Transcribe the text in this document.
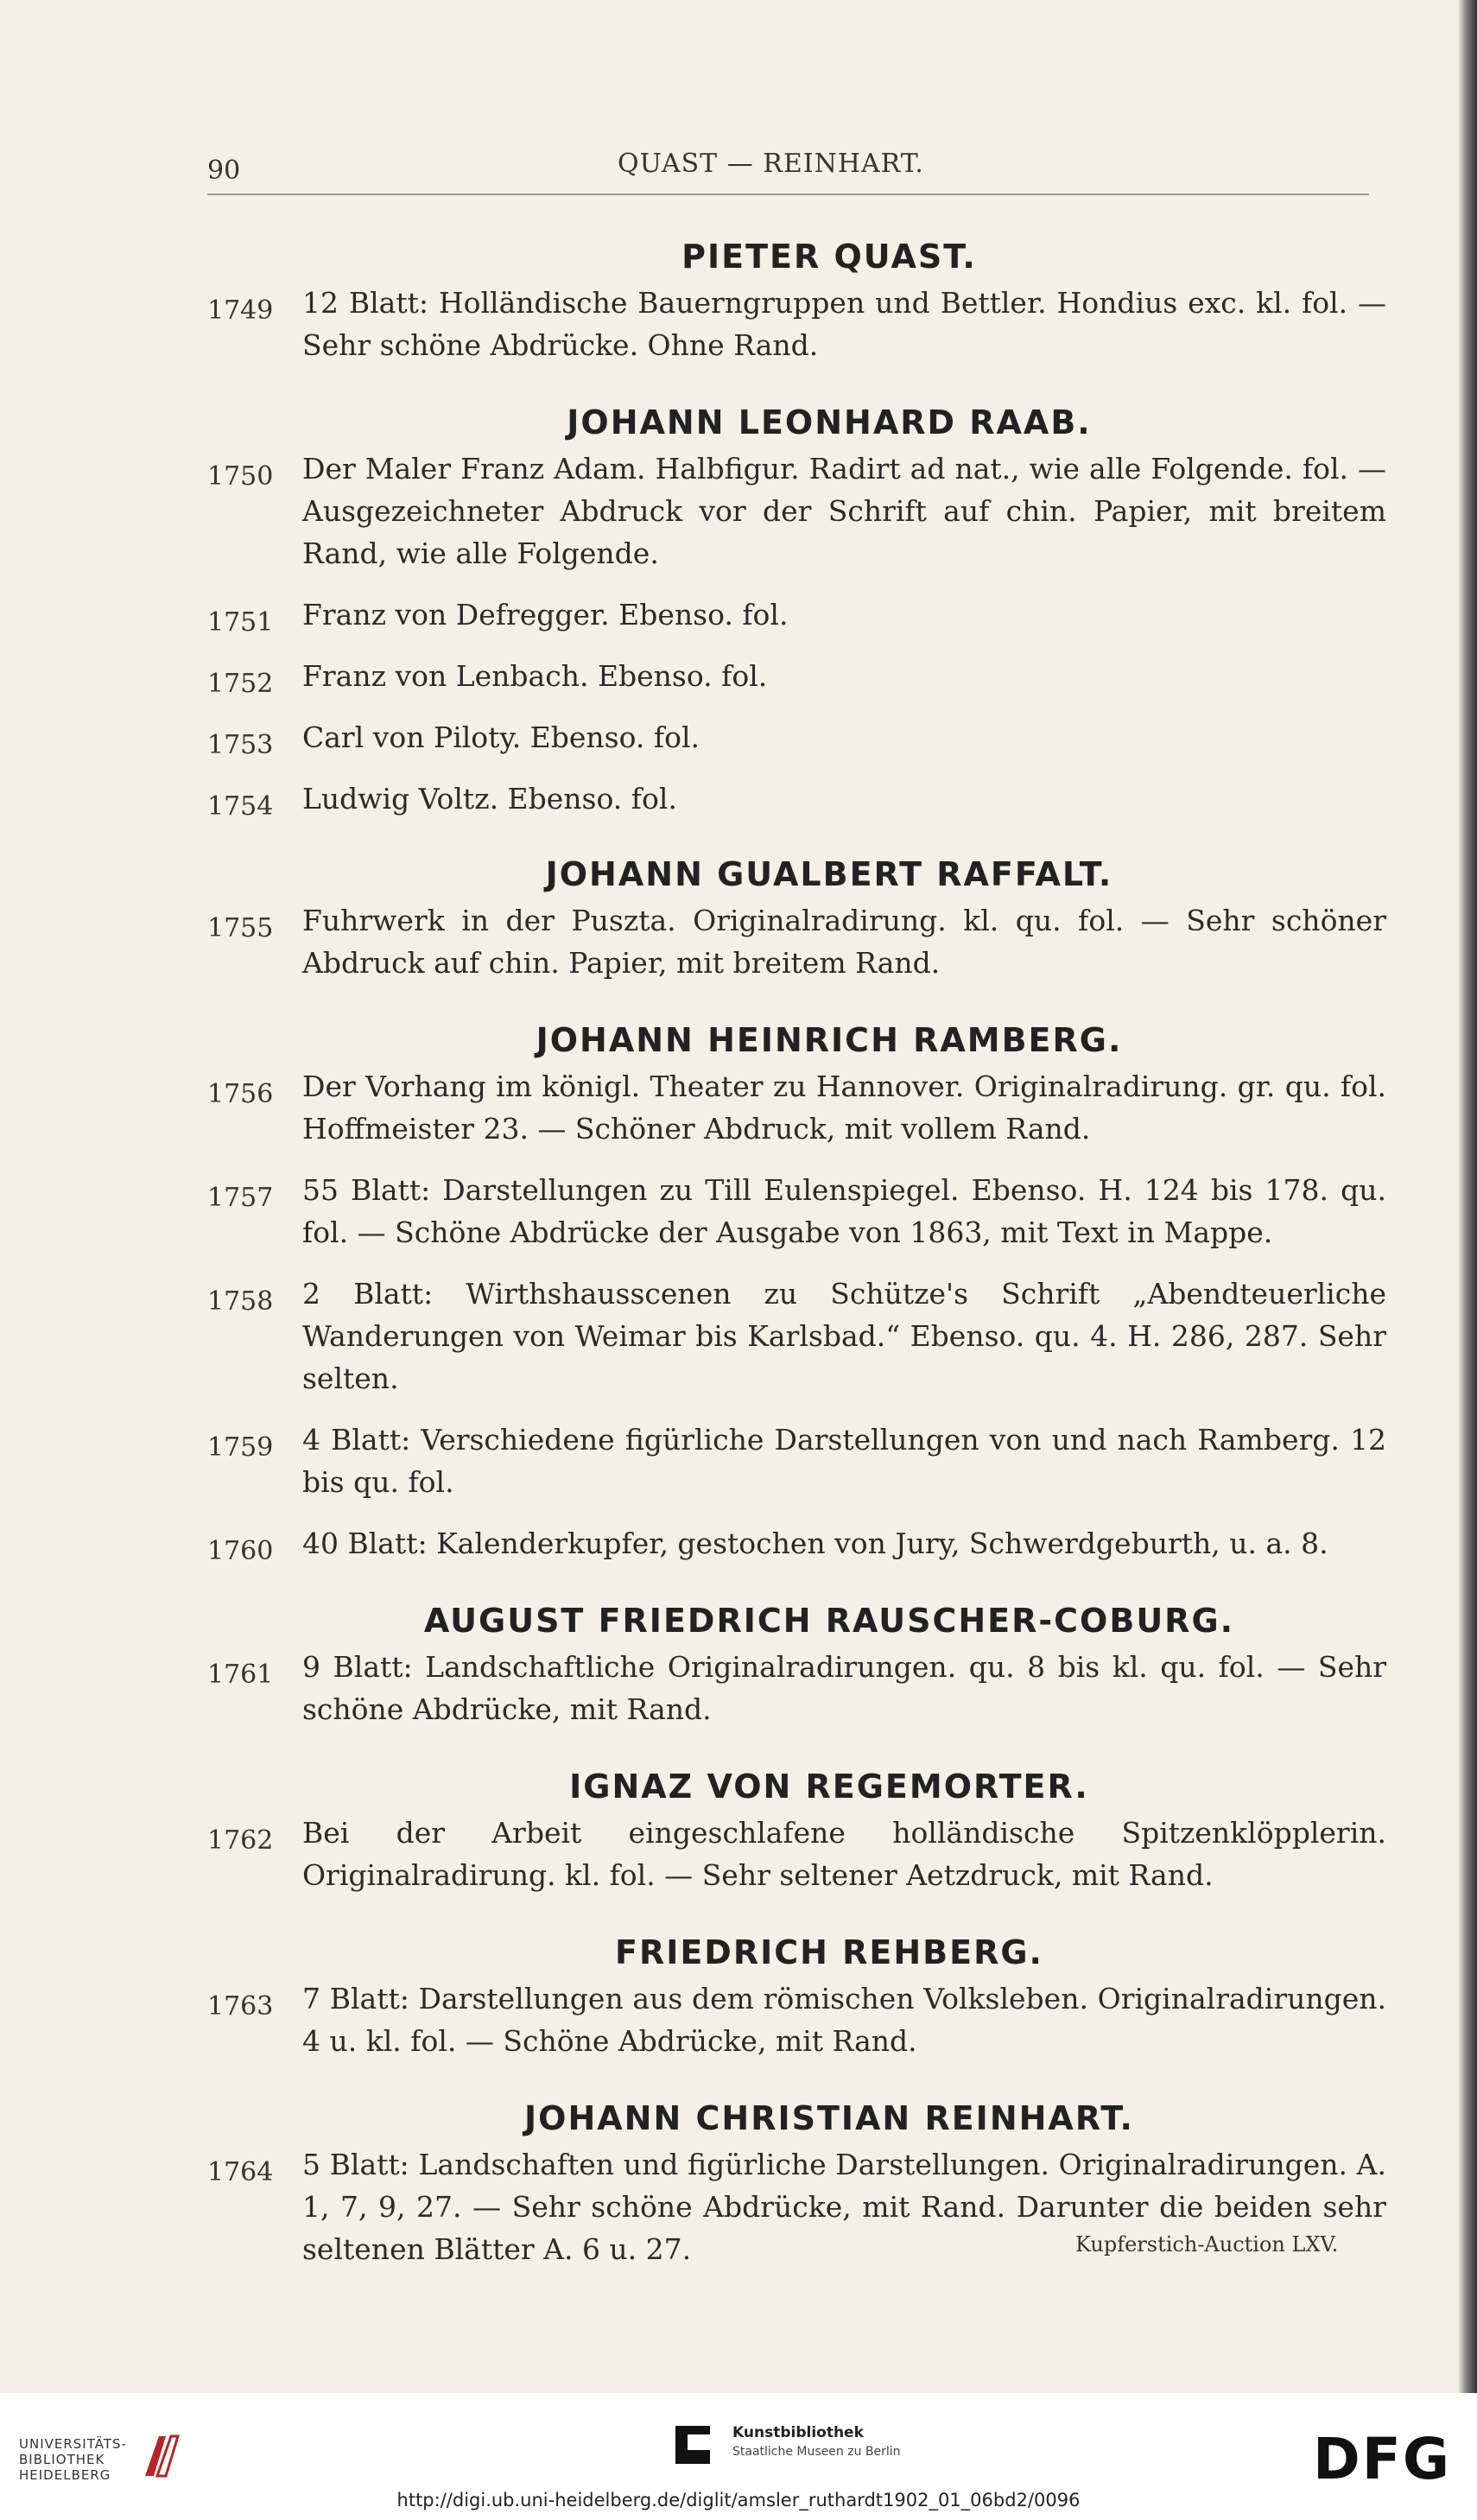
90	QUAST — REINHART.
PIETER QUAST.
1749	12 Blatt: Holländische Bauerngruppen und Bettler. Hondius exc. kl. fol. — Sehr schöne Abdrücke. Ohne Rand.
JOHANN LEONHARD RAAB.
1750	Der Maler Franz Adam. Halbfigur. Radirt ad nat., wie alle Folgende. fol. — Ausgezeichneter Abdruck vor der Schrift auf chin. Papier, mit breitem Rand, wie alle Folgende.
1751	Franz von Defregger. Ebenso. fol.
1752	Franz von Lenbach. Ebenso. fol.
1753	Carl von Piloty. Ebenso. fol.
1754	Ludwig Voltz. Ebenso. fol.
JOHANN GUALBERT RAFFALT.
1755	Fuhrwerk in der Puszta. Originalradirung. kl. qu. fol. — Sehr schöner Abdruck auf chin. Papier, mit breitem Rand.
JOHANN HEINRICH RAMBERG.
1756	Der Vorhang im königl. Theater zu Hannover. Originalradirung. gr. qu. fol. Hoffmeister 23. — Schöner Abdruck, mit vollem Rand.
1757	55 Blatt: Darstellungen zu Till Eulenspiegel. Ebenso. H. 124 bis 178. qu. fol. — Schöne Abdrücke der Ausgabe von 1863, mit Text in Mappe.
1758	2 Blatt: Wirthshausscenen zu Schütze's Schrift „Abendteuerliche Wanderungen von Weimar bis Karlsbad.“ Ebenso. qu. 4. H. 286, 287. Sehr selten.
1759	4 Blatt: Verschiedene figürliche Darstellungen von und nach Ramberg. 12 bis qu. fol.
1760	40 Blatt: Kalenderkupfer, gestochen von Jury, Schwerdgeburth, u. a. 8.
AUGUST FRIEDRICH RAUSCHER-COBURG.
1761	9 Blatt: Landschaftliche Originalradirungen. qu. 8 bis kl. qu. fol. — Sehr schöne Abdrücke, mit Rand.
IGNAZ VON REGEMORTER.
1762	Bei der Arbeit eingeschlafene holländische Spitzenklöpplerin. Originalradirung. kl. fol. — Sehr seltener Aetzdruck, mit Rand.
FRIEDRICH REHBERG.
1763	7 Blatt: Darstellungen aus dem römischen Volksleben. Originalradirungen. 4 u. kl. fol. — Schöne Abdrücke, mit Rand.
JOHANN CHRISTIAN REINHART.
1764	5 Blatt: Landschaften und figürliche Darstellungen. Originalradirungen. A. 1, 7, 9, 27. — Sehr schöne Abdrücke, mit Rand. Darunter die beiden sehr seltenen Blätter A. 6 u. 27.	Kupferstich-Auction LXV.
UNIVERSITÄTS-
BIBLIOTHEK
HEIDELBERG
Kunstbibliothek
Staatliche Museen zu Berlin	DFG
http://digi.ub.uni-heidelberg.de/diglit/amsler_ruthardt1902_01_06bd2/0096
